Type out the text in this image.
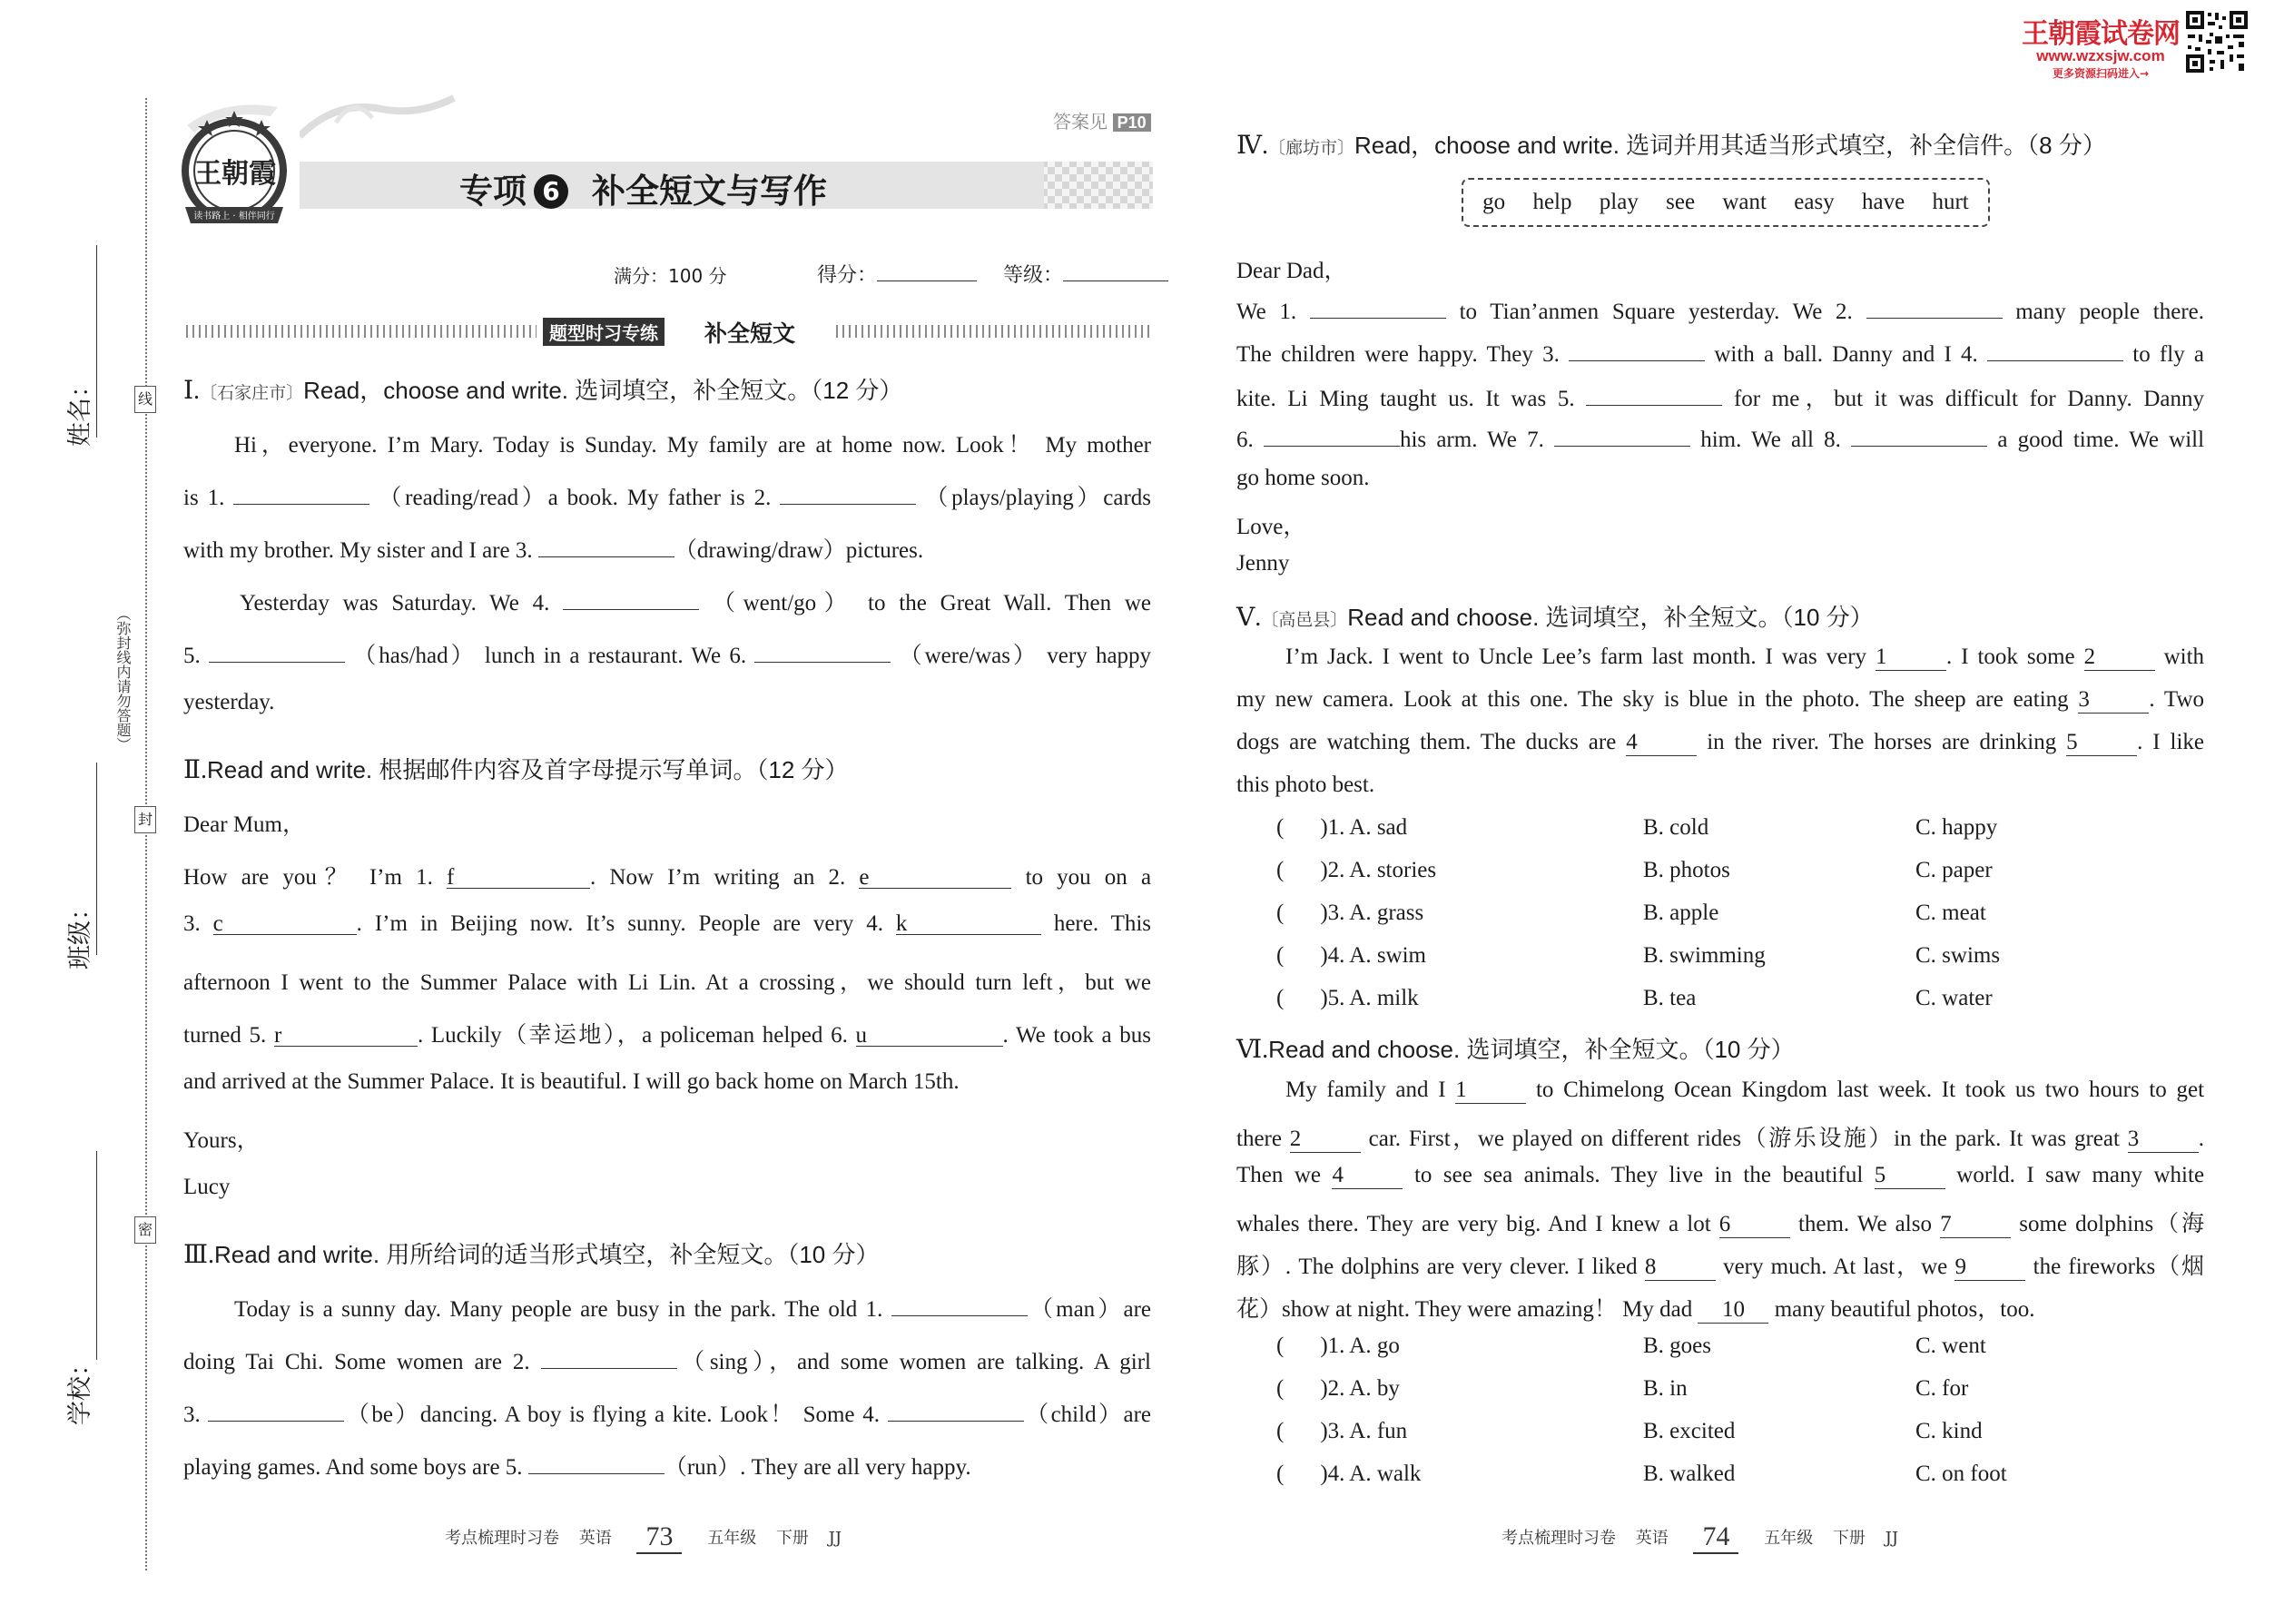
王朝霞试卷网
www.wzxsjw.com
更多资源扫码进入→
姓名：
班级：
学校：
线
（弥封线内请勿答题）
封
密
王朝霞
读书路上 · 相伴同行
答案见 P10
专项 6 补全短文与写作
满分：100 分	得分：	等级：
题型时习专练 补全短文
Ⅰ.〔石家庄市〕Read，choose and write. 选词填空，补全短文。（12 分）
Hi，everyone. I’m Mary. Today is Sunday. My family are at home now. Look！ My mother
is 1.	（reading/read）a book. My father is 2.	（plays/playing）cards
with my brother. My sister and I are 3.	（drawing/draw）pictures.
Yesterday was Saturday. We 4.	（went/go） to the Great Wall. Then we
5.	（has/had） lunch in a restaurant. We 6.	（were/was） very happy
yesterday.
Ⅱ.Read and write. 根据邮件内容及首字母提示写单词。（12 分）
Dear Mum，
How are you？ I’m 1. f	. Now I’m writing an 2. e	to you on a
3. c	. I’m in Beijing now. It’s sunny. People are very 4. k	here. This
afternoon I went to the Summer Palace with Li Lin. At a crossing，we should turn left，but we
turned 5. r	. Luckily（幸运地），a policeman helped 6. u	. We took a bus
and arrived at the Summer Palace. It is beautiful. I will go back home on March 15th.
Yours，
Lucy
Ⅲ.Read and write. 用所给词的适当形式填空，补全短文。（10 分）
Today is a sunny day. Many people are busy in the park. The old 1.	（man）are
doing Tai Chi. Some women are 2.	（sing），and some women are talking. A girl
3.	（be）dancing. A boy is flying a kite. Look！ Some 4.	（child）are
playing games. And some boys are 5.	（run）. They are all very happy.
考点梳理时习卷 英语 73 五年级 下册 JJ
Ⅳ.〔廊坊市〕Read，choose and write. 选词并用其适当形式填空，补全信件。（8 分）
go help play see want easy have hurt
Dear Dad，
We 1.	to Tian’anmen Square yesterday. We 2.	many people there.
The children were happy. They 3.	with a ball. Danny and I 4.	to fly a
kite. Li Ming taught us. It was 5.	for me，but it was difficult for Danny. Danny
6.	his arm. We 7.	him. We all 8.	a good time. We will
go home soon.
Love，
Jenny
Ⅴ.〔高邑县〕Read and choose. 选词填空，补全短文。（10 分）
I’m Jack. I went to Uncle Lee’s farm last month. I was very 1	. I took some 2	with
my new camera. Look at this one. The sky is blue in the photo. The sheep are eating 3	. Two
dogs are watching them. The ducks are 4	in the river. The horses are drinking 5	. I like
this photo best.
( )1. A. sad	B. cold	C. happy
( )2. A. stories	B. photos	C. paper
( )3. A. grass	B. apple	C. meat
( )4. A. swim	B. swimming	C. swims
( )5. A. milk	B. tea	C. water
Ⅵ.Read and choose. 选词填空，补全短文。（10 分）
My family and I 1	to Chimelong Ocean Kingdom last week. It took us two hours to get
there 2	car. First，we played on different rides（游乐设施）in the park. It was great 3	.
Then we 4	to see sea animals. They live in the beautiful 5	world. I saw many white
whales there. They are very big. And I knew a lot 6	them. We also 7	some dolphins（海
豚）. The dolphins are very clever. I liked 8	very much. At last，we 9	the fireworks（烟
花）show at night. They were amazing！ My dad 10 many beautiful photos，too.
( )1. A. go	B. goes	C. went
( )2. A. by	B. in	C. for
( )3. A. fun	B. excited	C. kind
( )4. A. walk	B. walked	C. on foot
考点梳理时习卷 英语 74 五年级 下册 JJ
